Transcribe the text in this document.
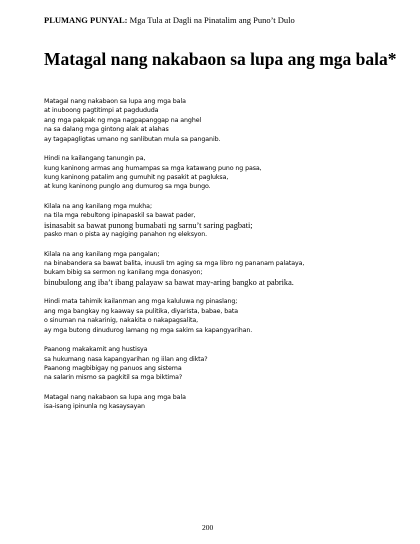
PLUMANG PUNYAL: Mga Tula at Dagli na Pinatalim ang Puno’t Dulo
Matagal nang nakabaon sa lupa ang mga bala*
Matagal nang nakabaon sa lupa ang mga bala
at inuboong pagtitimpi at pagdududa
ang mga pakpak ng mga nagpapanggap na anghel
na sa dalang mga gintong alak at alahas
ay tagapagligtas umano ng sanlibutan mula sa panganib.
Hindi na kailangang tanungin pa,
kung kaninong armas ang humampas sa mga katawang puno ng pasa,
kung kaninong patalim ang gumuhit ng pasakit at pagluksa,
at kung kaninong punglo ang dumurog sa mga bungo.
Kilala na ang kanilang mga mukha;
na tila mga rebultong ipinapaskil sa bawat pader,
isinasabit sa bawat punong bumabati ng sarnu’t saring pagbati;
pasko man o pista ay nagiging panahon ng eleksyon.
Kilala na ang kanilang mga pangalan;
na binabandera sa bawat balita, inuusli tm aging sa mga libro ng pananam palataya,
bukam bibig sa sermon ng kanilang mga donasyon;
binubulong ang iba’t ibang palayaw sa bawat may-aring bangko at pabrika.
Hindi mata tahimik kailanman ang mga kaluluwa ng pinaslang;
ang mga bangkay ng kaaway sa pulitika, diyarista, babae, bata
o sinuman na nakarinig, nakakita o nakapagsalita,
ay mga butong dinudurog lamang ng mga sakim sa kapangyarihan.
Paanong makakamit ang hustisya
sa hukumang nasa kapangyarihan ng iilan ang dikta?
Paanong magbibigay ng panuos ang sistema
na salarin mismo sa pagkitil sa mga biktima?
Matagal nang nakabaon sa lupa ang mga bala
isa-isang ipinunla ng kasaysayan
200
